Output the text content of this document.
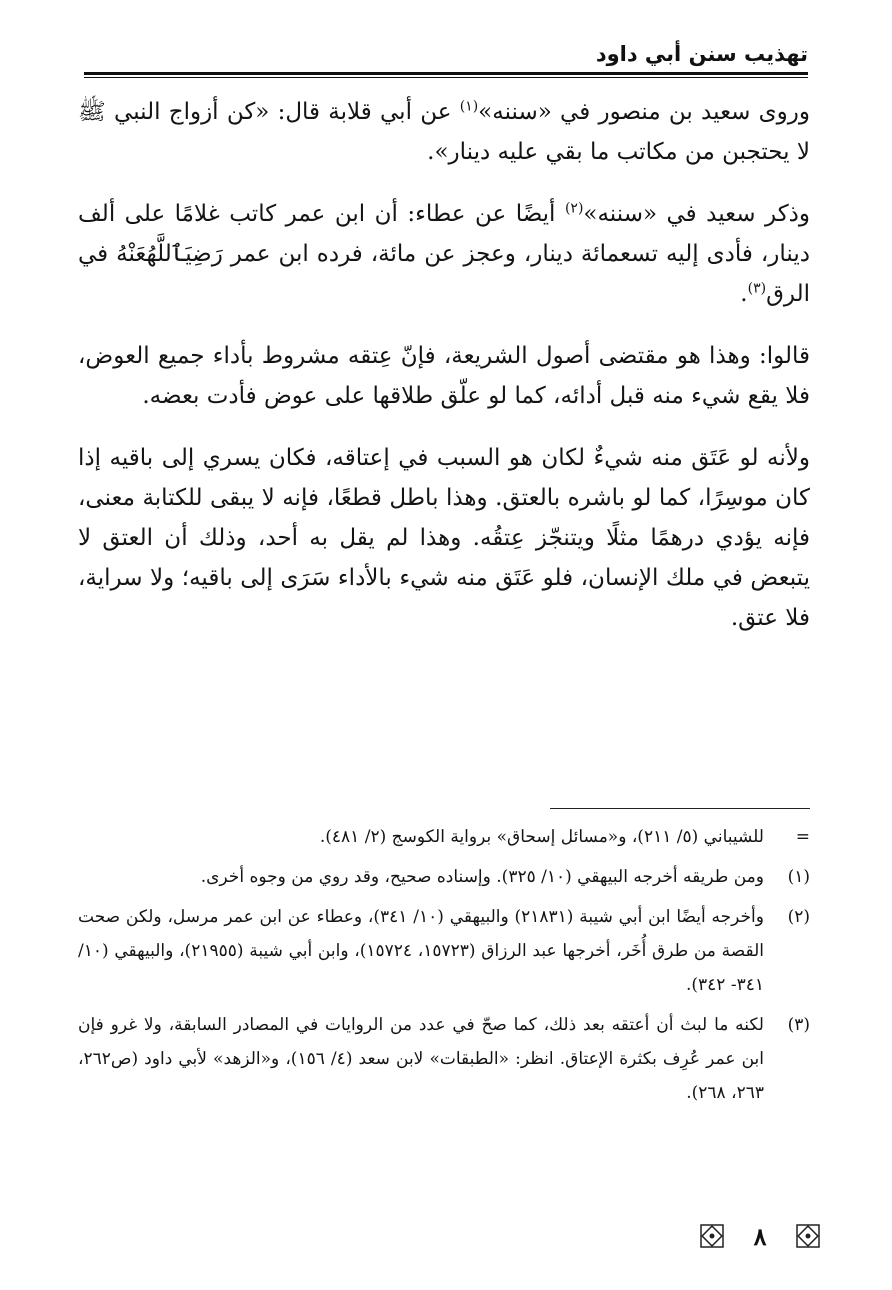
تهذيب سنن أبي داود

وروى سعيد بن منصور في «سننه»$^{(١)}$ عن أبي قلابة قال: «كن أزواج النبي ﷺ لا يحتجبن من مكاتب ما بقي عليه دينار».

وذكر سعيد في «سننه»$^{(٢)}$ أيضًا عن عطاء: أن ابن عمر كاتب غلامًا على ألف دينار، فأدى إليه تسعمائة دينار، وعجز عن مائة، فرده ابن عمر رَضِيَٱللَّهُعَنْهُ في الرق$^{(٣)}$.

قالوا: وهذا هو مقتضى أصول الشريعة، فإنّ عِتقه مشروط بأداء جميع العوض، فلا يقع شيء منه قبل أدائه، كما لو علّق طلاقها على عوض فأدت بعضه.

ولأنه لو عَتَق منه شيءٌ لكان هو السبب في إعتاقه، فكان يسري إلى باقيه إذا كان موسِرًا، كما لو باشره بالعتق. وهذا باطل قطعًا، فإنه لا يبقى للكتابة معنى، فإنه يؤدي درهمًا مثلًا ويتنجّز عِتقُه. وهذا لم يقل به أحد، وذلك أن العتق لا يتبعض في ملك الإنسان، فلو عَتَق منه شيء بالأداء سَرَى إلى باقيه؛ ولا سراية، فلا عتق.

=
للشيباني (٥/ ٢١١)، و«مسائل إسحاق» برواية الكوسج (٢/ ٤٨١).
(١)
ومن طريقه أخرجه البيهقي (١٠/ ٣٢٥). وإسناده صحيح، وقد روي من وجوه أخرى.
(٢)
وأخرجه أيضًا ابن أبي شيبة (٢١٨٣١) والبيهقي (١٠/ ٣٤١)، وعطاء عن ابن عمر مرسل، ولكن صحت القصة من طرق أُخَر، أخرجها عبد الرزاق (١٥٧٢٣، ١٥٧٢٤)، وابن أبي شيبة (٢١٩٥٥)، والبيهقي (١٠/ ٣٤١- ٣٤٢).
(٣)
لكنه ما لبث أن أعتقه بعد ذلك، كما صحّ في عدد من الروايات في المصادر السابقة، ولا غرو فإن ابن عمر عُرِف بكثرة الإعتاق. انظر: «الطبقات» لابن سعد (٤/ ١٥٦)، و«الزهد» لأبي داود (ص٢٦٢، ٢٦٣، ٢٦٨).
٨
